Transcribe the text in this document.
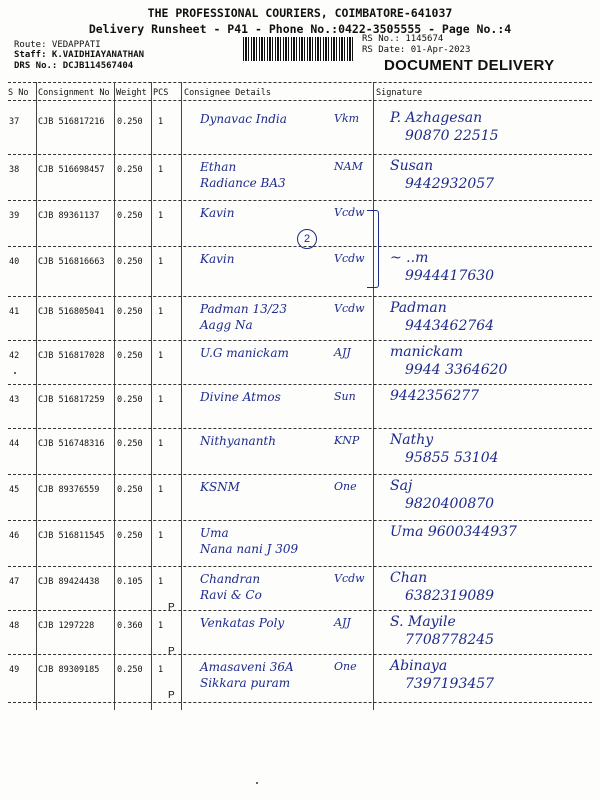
THE PROFESSIONAL COURIERS, COIMBATORE-641037
Delivery Runsheet - P41 - Phone No.:0422-3505555 - Page No.:4
Route: VEDAPPATI
Staff: K.VAIDHIAYANATHAN
DRS No.: DCJB114567404
RS No.: 1145674
RS Date: 01-Apr-2023
DOCUMENT DELIVERY
S No Consignment No Weight PCS Consignee Details	Signature
37 CJB 516817216 0.250 1	Dynavac India	Vkm P. Azhagesan
90870 22515
38 CJB 516698457 0.250 1	Ethan
Radiance BA3
NAM Susan
9442932057
39 CJB 89361137 0.250 1	Kavin	Vcdw
40 CJB 516816663 0.250 1	Kavin	Vcdw ~ ..m
9944417630
41 CJB 516805041 0.250 1	Padman 13/23
Aagg Na
Vcdw Padman
9443462764
42 CJB 516817028 0.250 1	U.G manickam	AJJ	manickam
9944 3364620
43 CJB 516817259 0.250 1	Divine Atmos	Sun 9442356277
44 CJB 516748316 0.250 1	Nithyananth	KNP Nathy
95855 53104
45 CJB 89376559 0.250 1	KSNM	One Saj
9820400870
46 CJB 516811545 0.250 1	Uma
Nana nani J 309
Uma 9600344937
47 CJB 89424438 0.105 1	Chandran
Ravi & Co
Vcdw Chan
6382319089
P
48 CJB 1297228	0.360 1	Venkatas Poly	AJJ	S. Mayile
7708778245
P
49 CJB 89309185 0.250 1	Amasaveni 36A
Sikkara puram
One Abinaya
7397193457
P
2
